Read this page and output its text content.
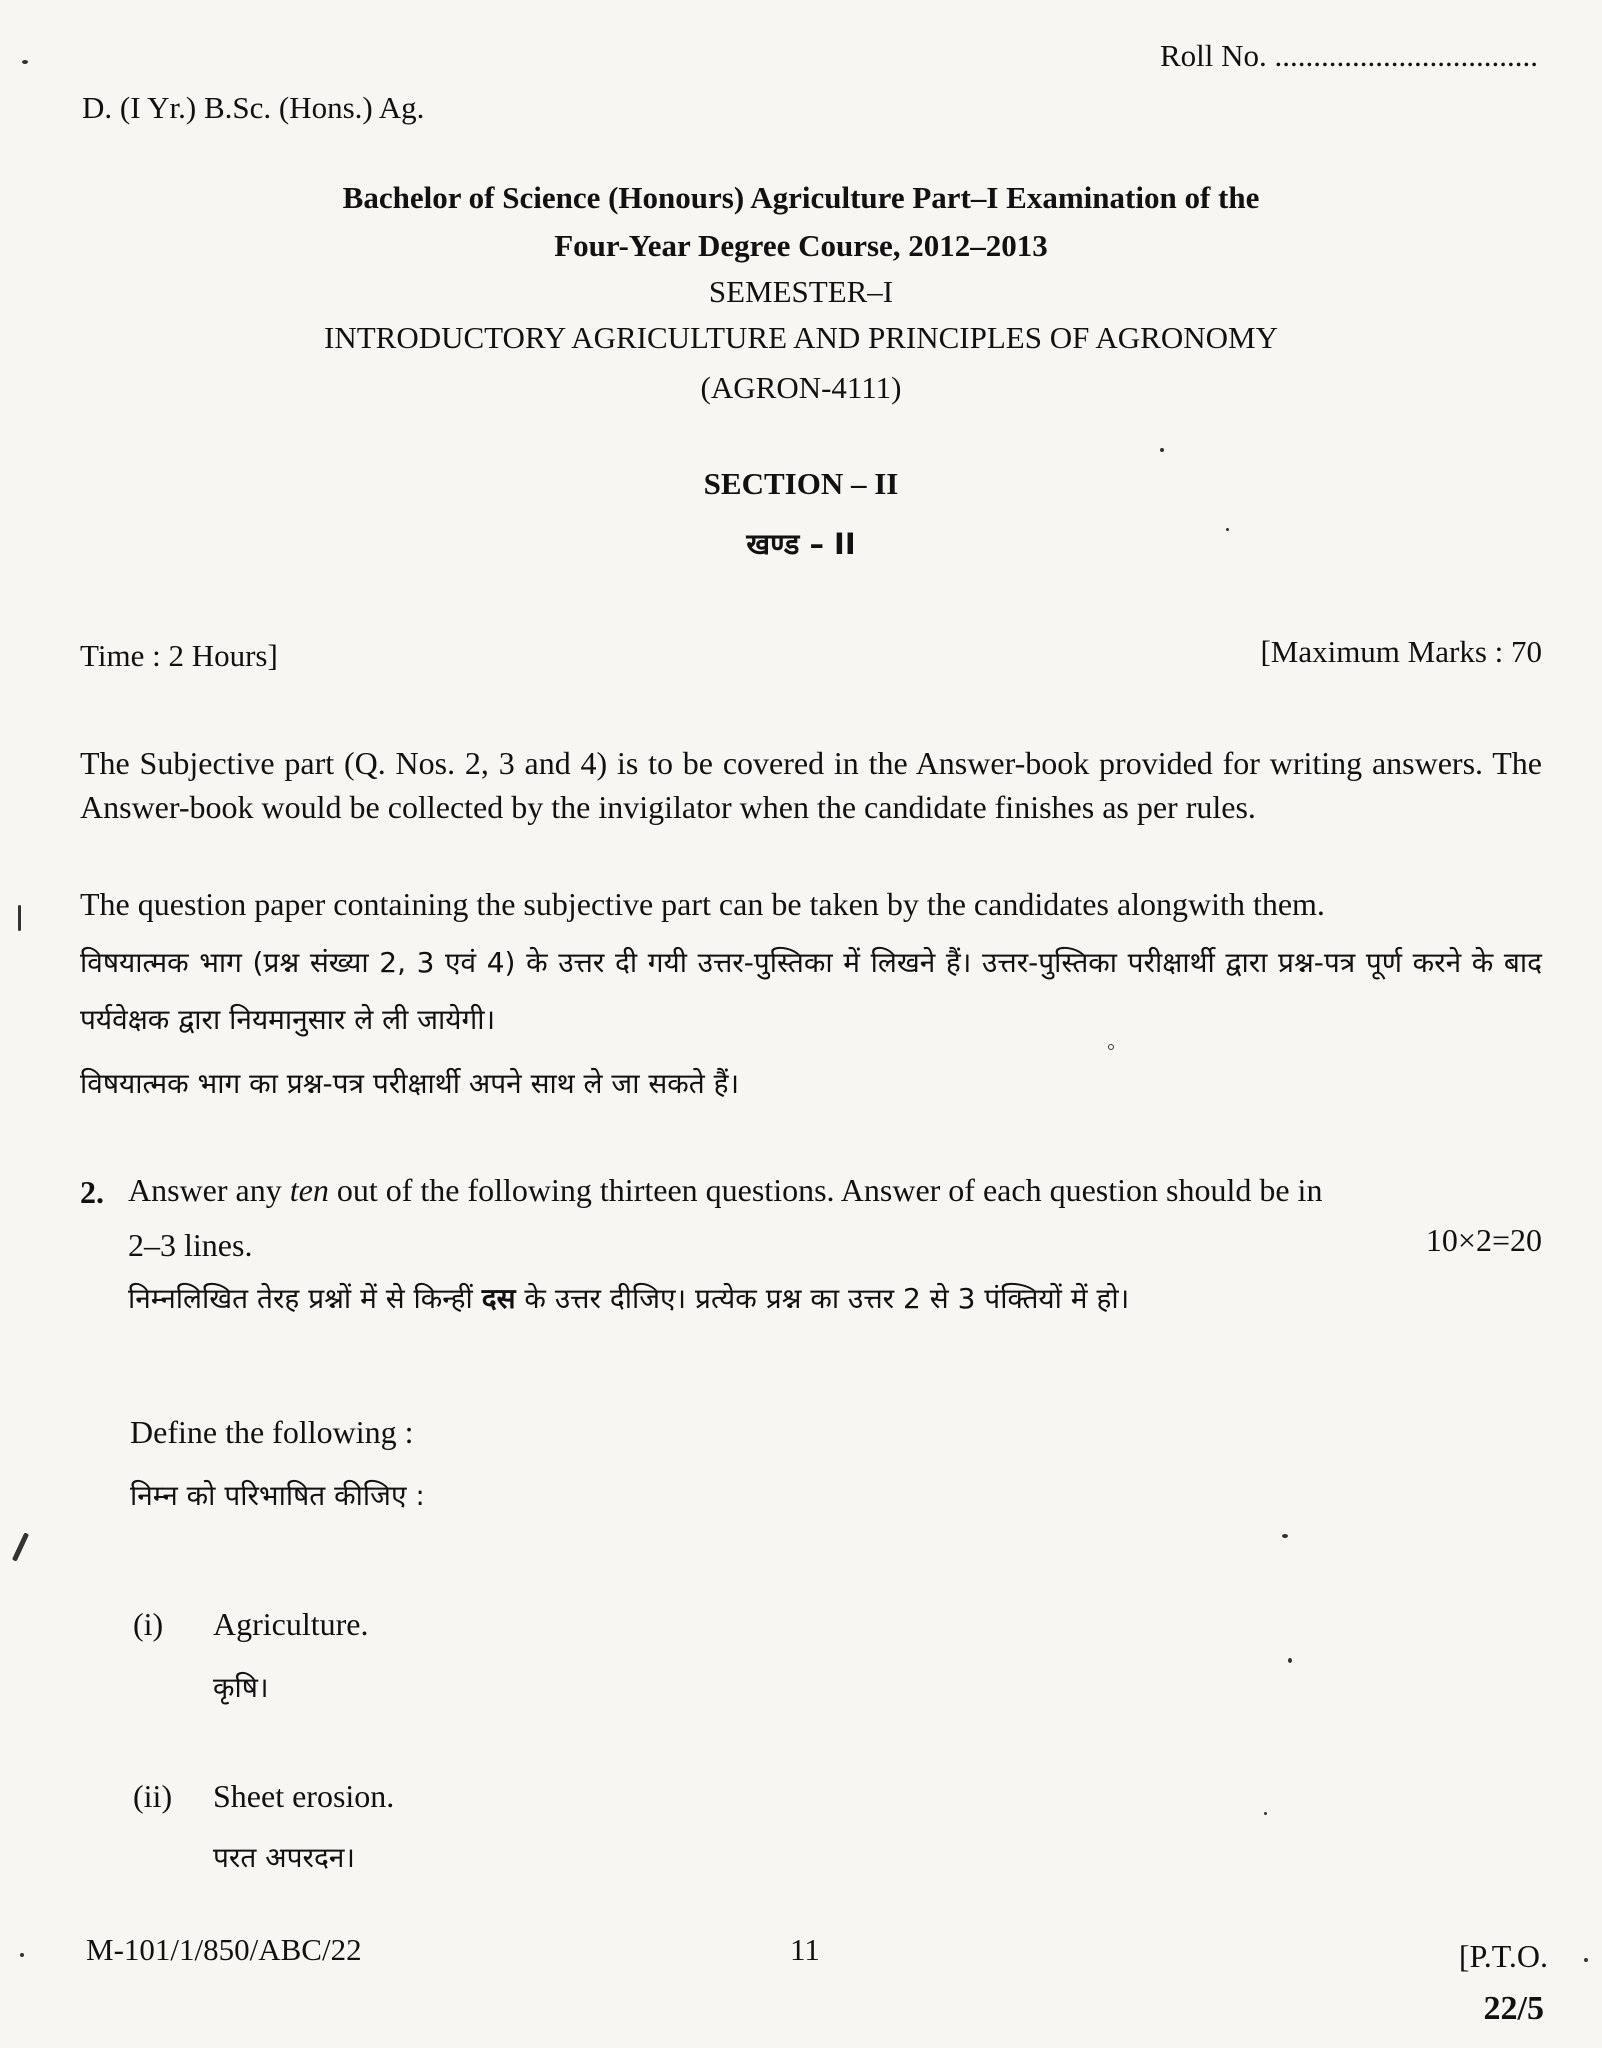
Roll No. ..................................
D. (I Yr.) B.Sc. (Hons.) Ag.
Bachelor of Science (Honours) Agriculture Part–I Examination of the
Four-Year Degree Course, 2012–2013
SEMESTER–I
INTRODUCTORY AGRICULTURE AND PRINCIPLES OF AGRONOMY
(AGRON-4111)
SECTION – II
खण्ड – II
Time : 2 Hours]	[Maximum Marks : 70
The Subjective part (Q. Nos. 2, 3 and 4) is to be covered in the Answer-book provided for writing answers. The Answer-book would be collected by the invigilator when the candidate finishes as per rules.
The question paper containing the subjective part can be taken by the candidates alongwith them.
विषयात्मक भाग (प्रश्न संख्या 2, 3 एवं 4) के उत्तर दी गयी उत्तर-पुस्तिका में लिखने हैं। उत्तर-पुस्तिका परीक्षार्थी द्वारा प्रश्न-पत्र पूर्ण करने के बाद पर्यवेक्षक द्वारा नियमानुसार ले ली जायेगी।
विषयात्मक भाग का प्रश्न-पत्र परीक्षार्थी अपने साथ ले जा सकते हैं।
2. Answer any ten out of the following thirteen questions. Answer of each question should be in
2–3 lines.	10×2=20
निम्नलिखित तेरह प्रश्नों में से किन्हीं दस के उत्तर दीजिए। प्रत्येक प्रश्न का उत्तर 2 से 3 पंक्तियों में हो।
Define the following :
निम्न को परिभाषित कीजिए :
(i) Agriculture.
कृषि।
(ii) Sheet erosion.
परत अपरदन।
M-101/1/850/ABC/22	11	[P.T.O.
22/5
